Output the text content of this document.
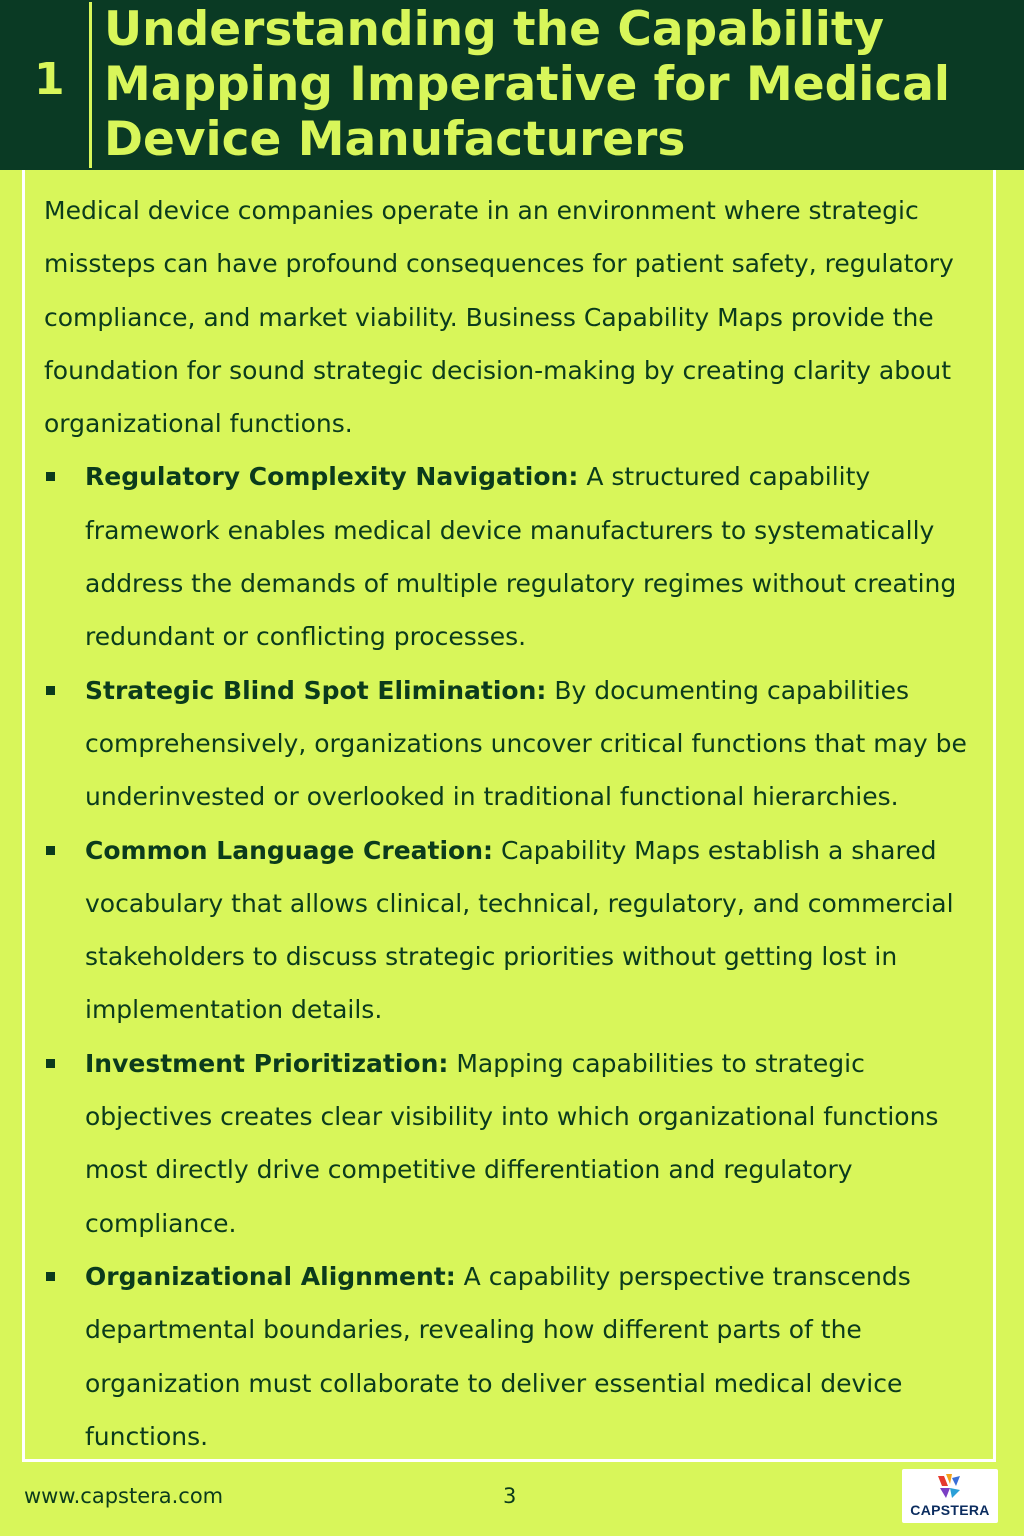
1
Understanding the Capability
Mapping Imperative for Medical
Device Manufacturers

Medical device companies operate in an environment where strategic missteps can have profound consequences for patient safety, regulatory compliance, and market viability. Business Capability Maps provide the foundation for sound strategic decision-making by creating clarity about organizational functions.

Regulatory Complexity Navigation: A structured capability framework enables medical device manufacturers to systematically address the demands of multiple regulatory regimes without creating redundant or conflicting processes.
Strategic Blind Spot Elimination: By documenting capabilities comprehensively, organizations uncover critical functions that may be underinvested or overlooked in traditional functional hierarchies.
Common Language Creation: Capability Maps establish a shared vocabulary that allows clinical, technical, regulatory, and commercial stakeholders to discuss strategic priorities without getting lost in implementation details.
Investment Prioritization: Mapping capabilities to strategic objectives creates clear visibility into which organizational functions most directly drive competitive differentiation and regulatory compliance.
Organizational Alignment: A capability perspective transcends departmental boundaries, revealing how different parts of the organization must collaborate to deliver essential medical device functions.
www.capstera.com	3
CAPSTERA
